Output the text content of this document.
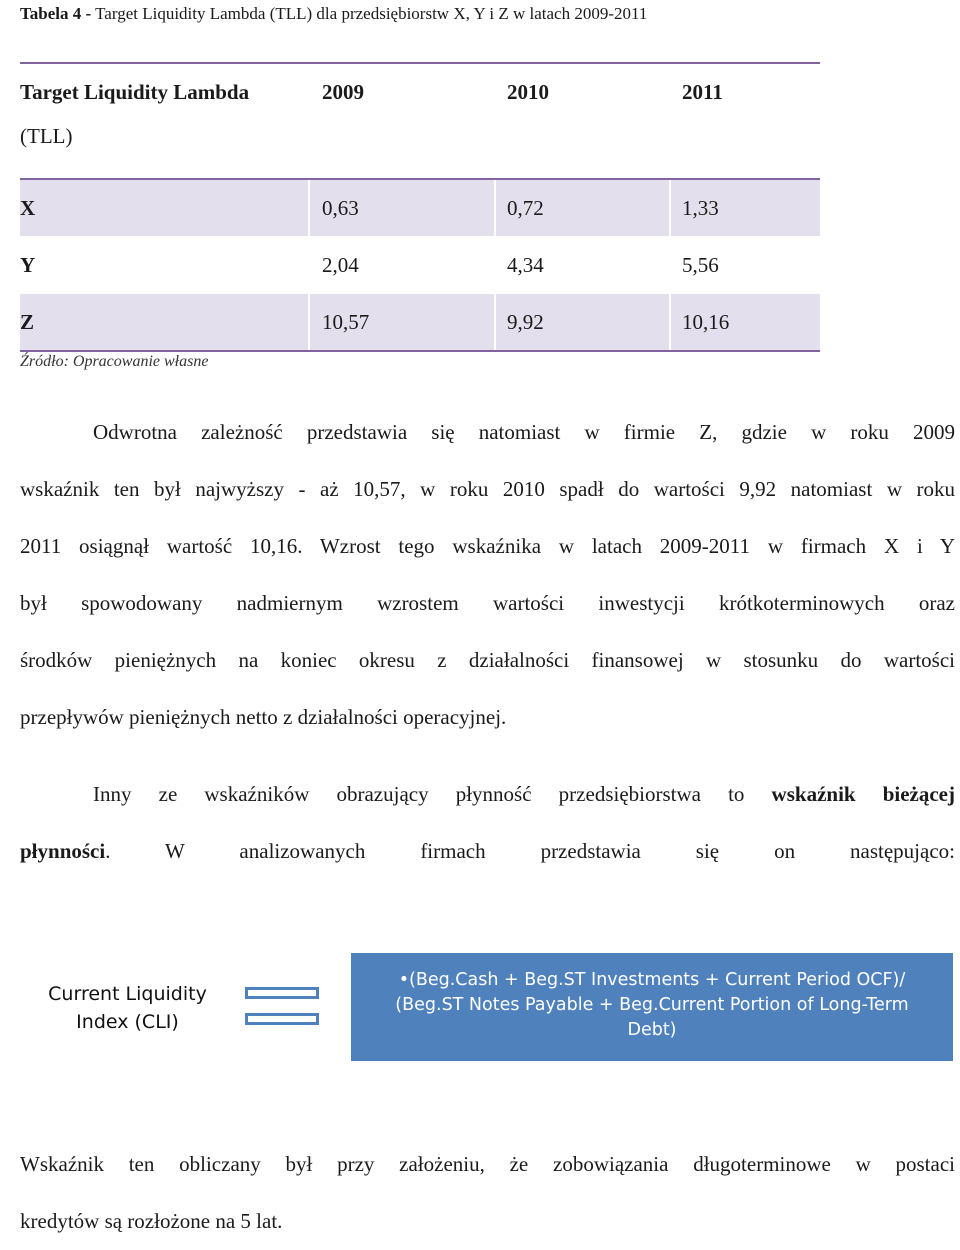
Tabela 4 - Target Liquidity Lambda (TLL) dla przedsiębiorstw X, Y i Z w latach 2009-2011
Target Liquidity Lambda	2009	2010	2011
(TLL)
X	0,63	0,72	1,33
Y	2,04	4,34	5,56
Z	10,57	9,92	10,16
Źródło: Opracowanie własne
Odwrotna zależność przedstawia się natomiast w firmie Z, gdzie w roku 2009
wskaźnik ten był najwyższy - aż 10,57, w roku 2010 spadł do wartości 9,92 natomiast w roku
2011 osiągnął wartość 10,16. Wzrost tego wskaźnika w latach 2009-2011 w firmach X i Y
był spowodowany nadmiernym wzrostem wartości inwestycji krótkoterminowych oraz
środków pieniężnych na koniec okresu z działalności finansowej w stosunku do wartości
przepływów pieniężnych netto z działalności operacyjnej.
Inny ze wskaźników obrazujący płynność przedsiębiorstwa to wskaźnik bieżącej
płynności. W analizowanych firmach przedstawia się on następująco:
Current Liquidity Index (CLI)
•(Beg.Cash + Beg.ST Investments + Current Period OCF)/
(Beg.ST Notes Payable + Beg.Current Portion of Long-Term
Debt)
Wskaźnik ten obliczany był przy założeniu, że zobowiązania długoterminowe w postaci
kredytów są rozłożone na 5 lat.
